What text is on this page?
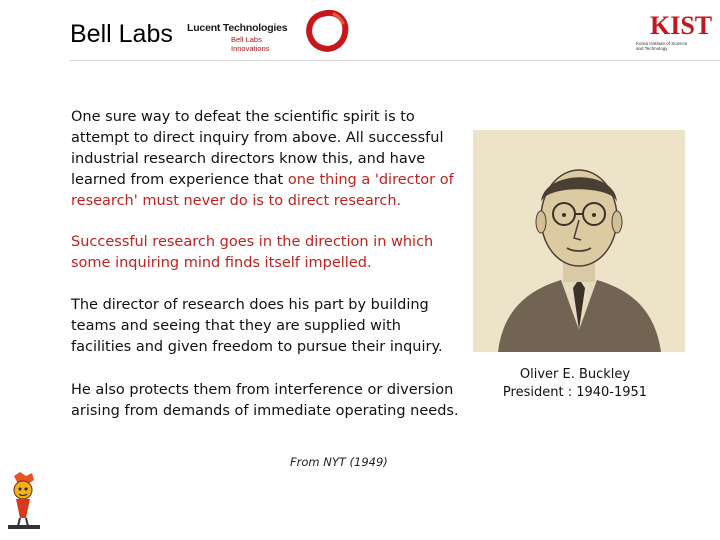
Bell Labs Lucent Technologies
Bell Labs Innovations
KIST
Korea Institute of Science and Technology
One sure way to defeat the scientific spirit is to attempt to direct inquiry from above. All successful industrial research directors know this, and have learned from experience that one thing a 'director of research' must never do is to direct research.
Successful research goes in the direction in which some inquiring mind finds itself impelled.
The director of research does his part by building teams and seeing that they are supplied with facilities and given freedom to pursue their inquiry.
He also protects them from interference or diversion arising from demands of immediate operating needs.
From NYT (1949)
Oliver E. Buckley
President : 1940-1951
